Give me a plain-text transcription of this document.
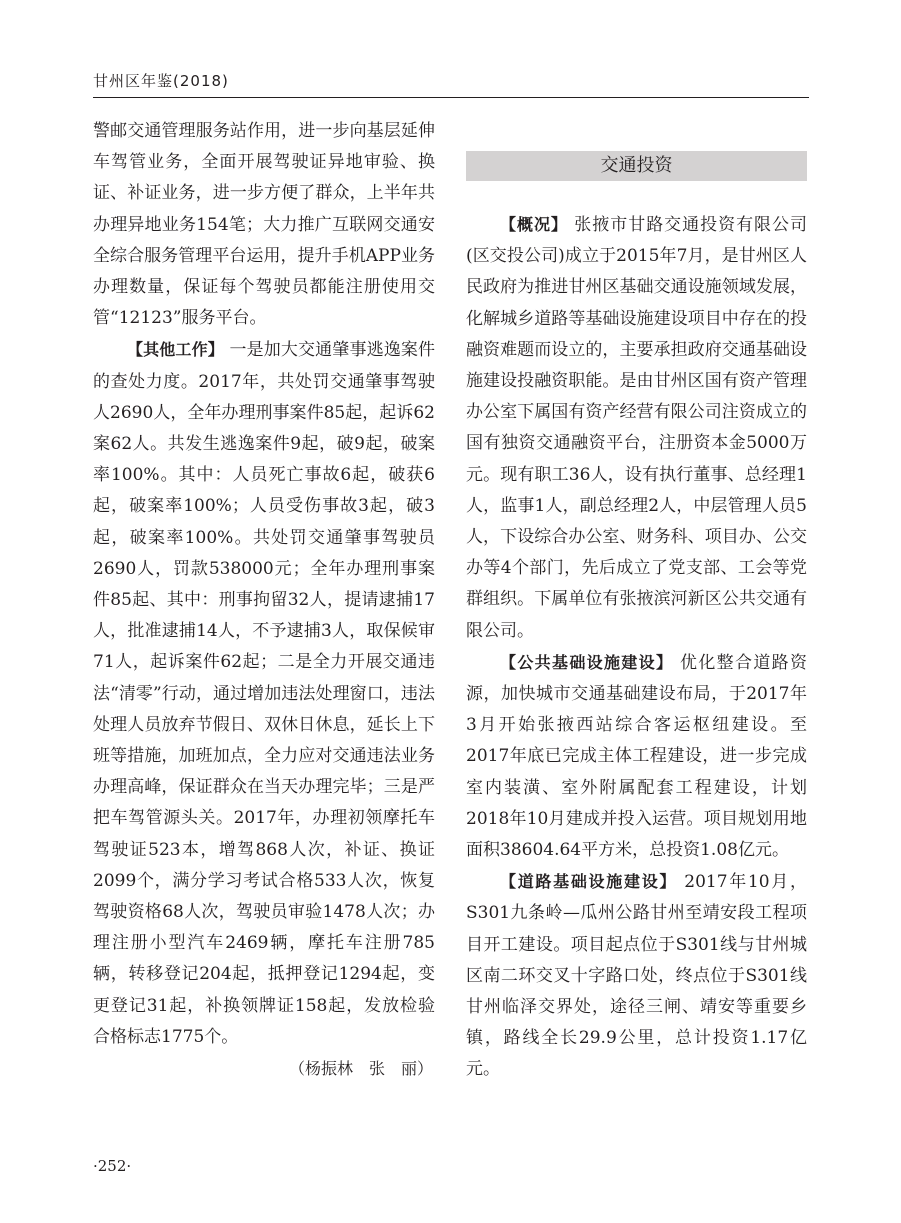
甘州区年鉴(2018)

警邮交通管理服务站作用，进一步向基层延伸车驾管业务，全面开展驾驶证异地审验、换证、补证业务，进一步方便了群众，上半年共办理异地业务154笔；大力推广互联网交通安全综合服务管理平台运用，提升手机APP业务办理数量，保证每个驾驶员都能注册使用交管“12123”服务平台。

【其他工作】 一是加大交通肇事逃逸案件的查处力度。2017年，共处罚交通肇事驾驶人2690人，全年办理刑事案件85起，起诉62案62人。共发生逃逸案件9起，破9起，破案率100%。其中：人员死亡事故6起，破获6起，破案率100%；人员受伤事故3起，破3起，破案率100%。共处罚交通肇事驾驶员2690人，罚款538000元；全年办理刑事案件85起、其中：刑事拘留32人，提请逮捕17人，批准逮捕14人，不予逮捕3人，取保候审71人，起诉案件62起；二是全力开展交通违法“清零”行动，通过增加违法处理窗口，违法处理人员放弃节假日、双休日休息，延长上下班等措施，加班加点，全力应对交通违法业务办理高峰，保证群众在当天办理完毕；三是严把车驾管源头关。2017年，办理初领摩托车驾驶证523本，增驾868人次，补证、换证2099个，满分学习考试合格533人次，恢复驾驶资格68人次，驾驶员审验1478人次；办理注册小型汽车2469辆，摩托车注册785辆，转移登记204起，抵押登记1294起，变更登记31起，补换领牌证158起，发放检验合格标志1775个。

（杨振林　张　丽）

交通投资

【概况】 张掖市甘路交通投资有限公司(区交投公司)成立于2015年7月，是甘州区人民政府为推进甘州区基础交通设施领域发展，化解城乡道路等基础设施建设项目中存在的投融资难题而设立的，主要承担政府交通基础设施建设投融资职能。是由甘州区国有资产管理办公室下属国有资产经营有限公司注资成立的国有独资交通融资平台，注册资本金5000万元。现有职工36人，设有执行董事、总经理1人，监事1人，副总经理2人，中层管理人员5人，下设综合办公室、财务科、项目办、公交办等4个部门，先后成立了党支部、工会等党群组织。下属单位有张掖滨河新区公共交通有限公司。

【公共基础设施建设】 优化整合道路资源，加快城市交通基础建设布局，于2017年3月开始张掖西站综合客运枢纽建设。至2017年底已完成主体工程建设，进一步完成室内装潢、室外附属配套工程建设，计划2018年10月建成并投入运营。项目规划用地面积38604.64平方米，总投资1.08亿元。

【道路基础设施建设】 2017年10月，S301九条岭—瓜州公路甘州至靖安段工程项目开工建设。项目起点位于S301线与甘州城区南二环交叉十字路口处，终点位于S301线甘州临泽交界处，途径三闸、靖安等重要乡镇，路线全长29.9公里，总计投资1.17亿元。

·252·
